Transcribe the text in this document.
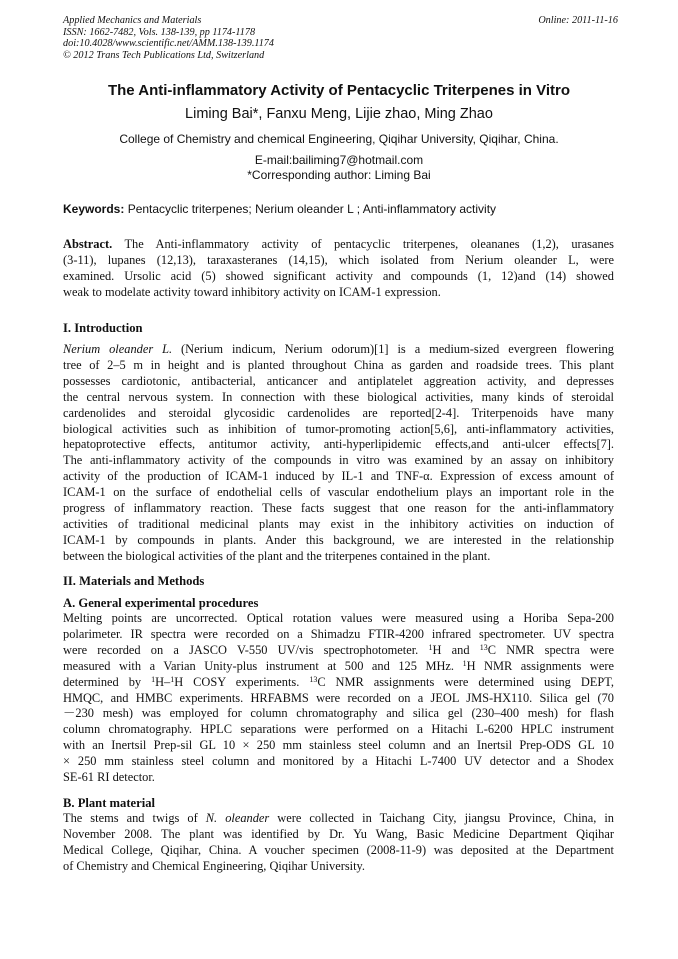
Applied Mechanics and Materials
ISSN: 1662-7482, Vols. 138-139, pp 1174-1178
doi:10.4028/www.scientific.net/AMM.138-139.1174
© 2012 Trans Tech Publications Ltd, Switzerland
Online: 2011-11-16
The Anti-inflammatory Activity of Pentacyclic Triterpenes in Vitro
Liming Bai*, Fanxu Meng, Lijie zhao, Ming Zhao
College of Chemistry and chemical Engineering, Qiqihar University, Qiqihar, China.
E-mail:bailiming7@hotmail.com
*Corresponding author: Liming Bai
Keywords: Pentacyclic triterpenes; Nerium oleander L ; Anti-inflammatory activity
Abstract. The Anti-inflammatory activity of pentacyclic triterpenes, oleananes (1,2), urasanes
(3-11), lupanes (12,13), taraxasteranes (14,15), which isolated from Nerium oleander L, were
examined. Ursolic acid (5) showed significant activity and compounds (1, 12)and (14) showed
weak to modelate activity toward inhibitory activity on ICAM-1 expression.
I. Introduction
Nerium oleander L. (Nerium indicum, Nerium odorum)[1] is a medium-sized evergreen flowering
tree of 2–5 m in height and is planted throughout China as garden and roadside trees. This plant
possesses cardiotonic, antibacterial, anticancer and antiplatelet aggreation activity, and depresses
the central nervous system. In connection with these biological activities, many kinds of steroidal
cardenolides and steroidal glycosidic cardenolides are reported[2-4]. Triterpenoids have many
biological activities such as inhibition of tumor-promoting action[5,6], anti-inflammatory activities,
hepatoprotective effects, antitumor activity, anti-hyperlipidemic effects,and anti-ulcer effects[7].
The anti-inflammatory activity of the compounds in vitro was examined by an assay on inhibitory
activity of the production of ICAM-1 induced by IL-1 and TNF-α. Expression of excess amount of
ICAM-1 on the surface of endothelial cells of vascular endothelium plays an important role in the
progress of inflammatory reaction. These facts suggest that one reason for the anti-inflammatory
activities of traditional medicinal plants may exist in the inhibitory activities on induction of
ICAM-1 by compounds in plants. Ander this background, we are interested in the relationship
between the biological activities of the plant and the triterpenes contained in the plant.
II. Materials and Methods
A. General experimental procedures
Melting points are uncorrected. Optical rotation values were measured using a Horiba Sepa-200
polarimeter. IR spectra were recorded on a Shimadzu FTIR-4200 infrared spectrometer. UV spectra
were recorded on a JASCO V-550 UV/vis spectrophotometer. $^1$H and $^{13}$C NMR spectra were
measured with a Varian Unity-plus instrument at 500 and 125 MHz. $^1$H NMR assignments were
determined by $^1$H–$^1$H COSY experiments. $^{13}$C NMR assignments were determined using DEPT,
HMQC, and HMBC experiments. HRFABMS were recorded on a JEOL JMS-HX110. Silica gel (70
－230 mesh) was employed for column chromatography and silica gel (230–400 mesh) for flash
column chromatography. HPLC separations were performed on a Hitachi L-6200 HPLC instrument
with an Inertsil Prep-sil GL 10 × 250 mm stainless steel column and an Inertsil Prep-ODS GL 10
× 250 mm stainless steel column and monitored by a Hitachi L-7400 UV detector and a Shodex
SE-61 RI detector.
B. Plant material
The stems and twigs of N. oleander were collected in Taichang City, jiangsu Province, China, in
November 2008. The plant was identified by Dr. Yu Wang, Basic Medicine Department Qiqihar
Medical College, Qiqihar, China. A voucher specimen (2008-11-9) was deposited at the Department
of Chemistry and Chemical Engineering, Qiqihar University.
